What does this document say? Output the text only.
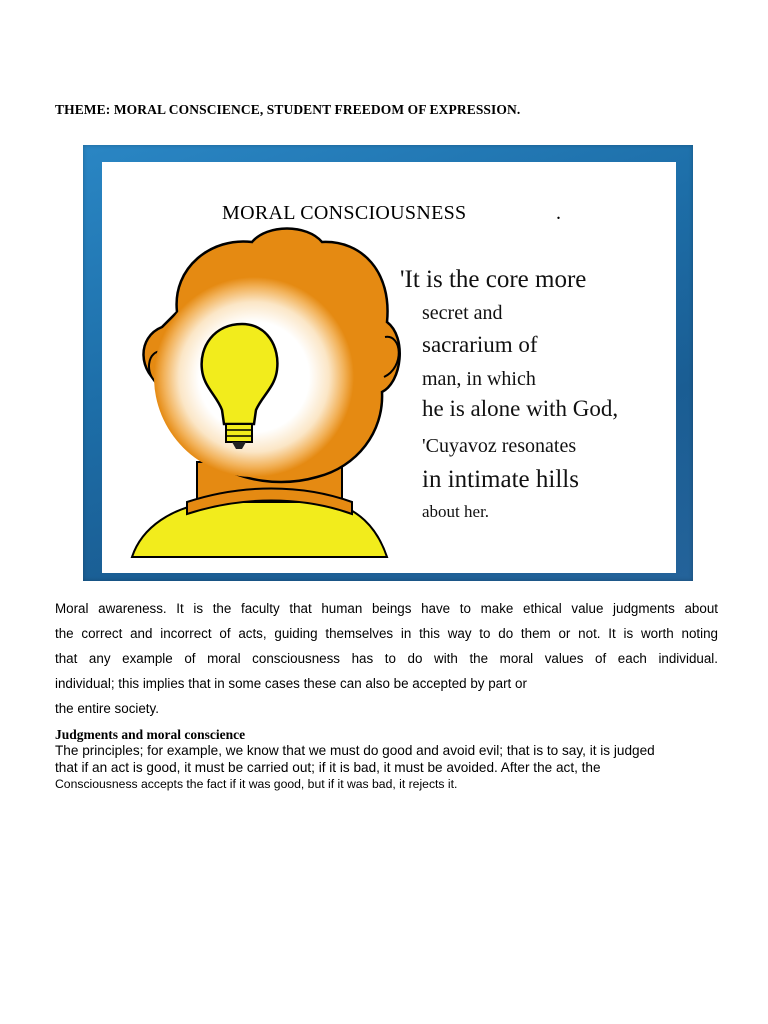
THEME: MORAL CONSCIENCE, STUDENT FREEDOM OF EXPRESSION.
MORAL CONSCIOUSNESS	.
'It is the core more
secret and
sacrarium of
man, in which
he is alone with God,
'Cuyavoz resonates
in intimate hills
about her.
Moral awareness. It is the faculty that human beings have to make ethical value judgments about
the correct and incorrect of acts, guiding themselves in this way to do them or not. It is worth noting
that any example of moral consciousness has to do with the moral values of each individual.
individual; this implies that in some cases these can also be accepted by part or
the entire society.
Judgments and moral conscience
The principles; for example, we know that we must do good and avoid evil; that is to say, it is judged
that if an act is good, it must be carried out; if it is bad, it must be avoided. After the act, the
Consciousness accepts the fact if it was good, but if it was bad, it rejects it.
